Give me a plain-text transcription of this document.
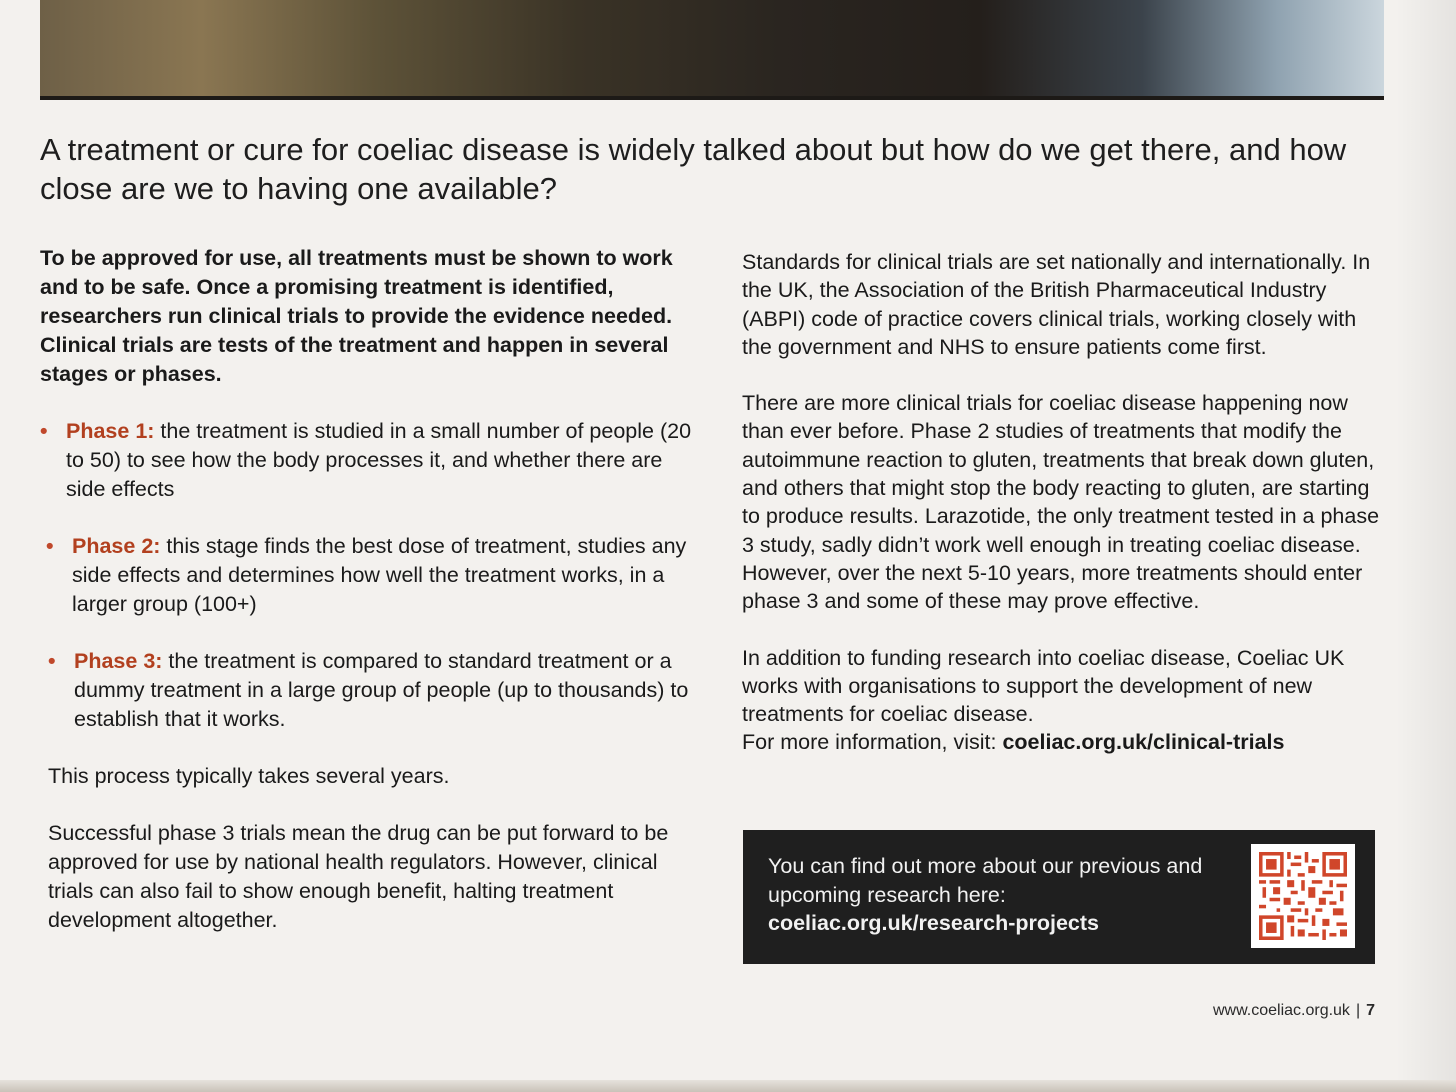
A treatment or cure for coeliac disease is widely talked about but how do we get there, and how close are we to having one available?

To be approved for use, all treatments must be shown to work and to be safe. Once a promising treatment is identified, researchers run clinical trials to provide the evidence needed. Clinical trials are tests of the treatment and happen in several stages or phases.

• Phase 1: the treatment is studied in a small number of people (20 to 50) to see how the body processes it, and whether there are side effects
• Phase 2: this stage finds the best dose of treatment, studies any side effects and determines how well the treatment works, in a larger group (100+)
• Phase 3: the treatment is compared to standard treatment or a dummy treatment in a large group of people (up to thousands) to establish that it works.

This process typically takes several years.

Successful phase 3 trials mean the drug can be put forward to be approved for use by national health regulators. However, clinical trials can also fail to show enough benefit, halting treatment development altogether.

Standards for clinical trials are set nationally and internationally. In the UK, the Association of the British Pharmaceutical Industry (ABPI) code of practice covers clinical trials, working closely with the government and NHS to ensure patients come first.

There are more clinical trials for coeliac disease happening now than ever before. Phase 2 studies of treatments that modify the autoimmune reaction to gluten, treatments that break down gluten, and others that might stop the body reacting to gluten, are starting to produce results. Larazotide, the only treatment tested in a phase 3 study, sadly didn’t work well enough in treating coeliac disease. However, over the next 5-10 years, more treatments should enter phase 3 and some of these may prove effective.

In addition to funding research into coeliac disease, Coeliac UK works with organisations to support the development of new treatments for coeliac disease.
For more information, visit: coeliac.org.uk/clinical-trials

You can find out more about our previous and upcoming research here:
coeliac.org.uk/research-projects
www.coeliac.org.uk | 7
